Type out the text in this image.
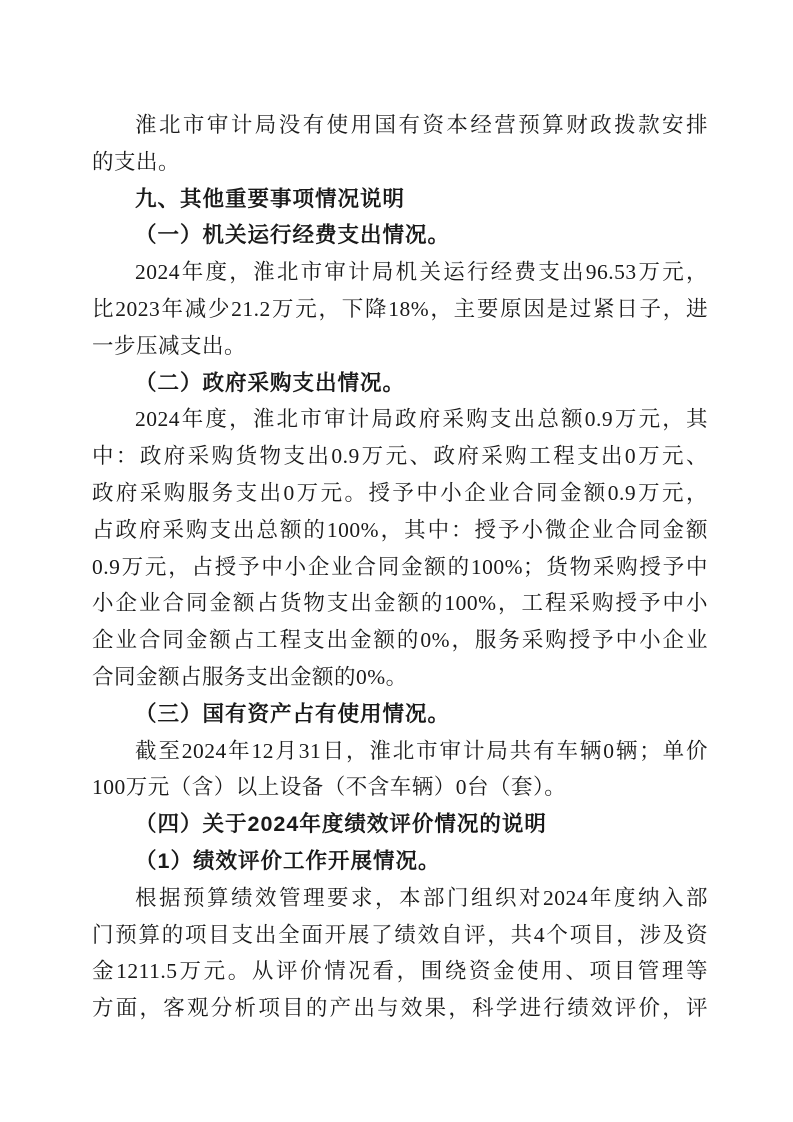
淮北市审计局没有使用国有资本经营预算财政拨款安排
的支出。
九、其他重要事项情况说明
（一）机关运行经费支出情况。
2024年度，淮北市审计局机关运行经费支出96.53万元，
比2023年减少21.2万元，下降18%，主要原因是过紧日子，进
一步压减支出。
（二）政府采购支出情况。
2024年度，淮北市审计局政府采购支出总额0.9万元，其
中：政府采购货物支出0.9万元、政府采购工程支出0万元、
政府采购服务支出0万元。授予中小企业合同金额0.9万元，
占政府采购支出总额的100%，其中：授予小微企业合同金额
0.9万元，占授予中小企业合同金额的100%；货物采购授予中
小企业合同金额占货物支出金额的100%，工程采购授予中小
企业合同金额占工程支出金额的0%，服务采购授予中小企业
合同金额占服务支出金额的0%。
（三）国有资产占有使用情况。
截至2024年12月31日，淮北市审计局共有车辆0辆；单价
100万元（含）以上设备（不含车辆）0台（套）。
（四）关于2024年度绩效评价情况的说明
（1）绩效评价工作开展情况。
根据预算绩效管理要求，本部门组织对2024年度纳入部
门预算的项目支出全面开展了绩效自评，共4个项目，涉及资
金1211.5万元。从评价情况看，围绕资金使用、项目管理等
方面，客观分析项目的产出与效果，科学进行绩效评价，评
